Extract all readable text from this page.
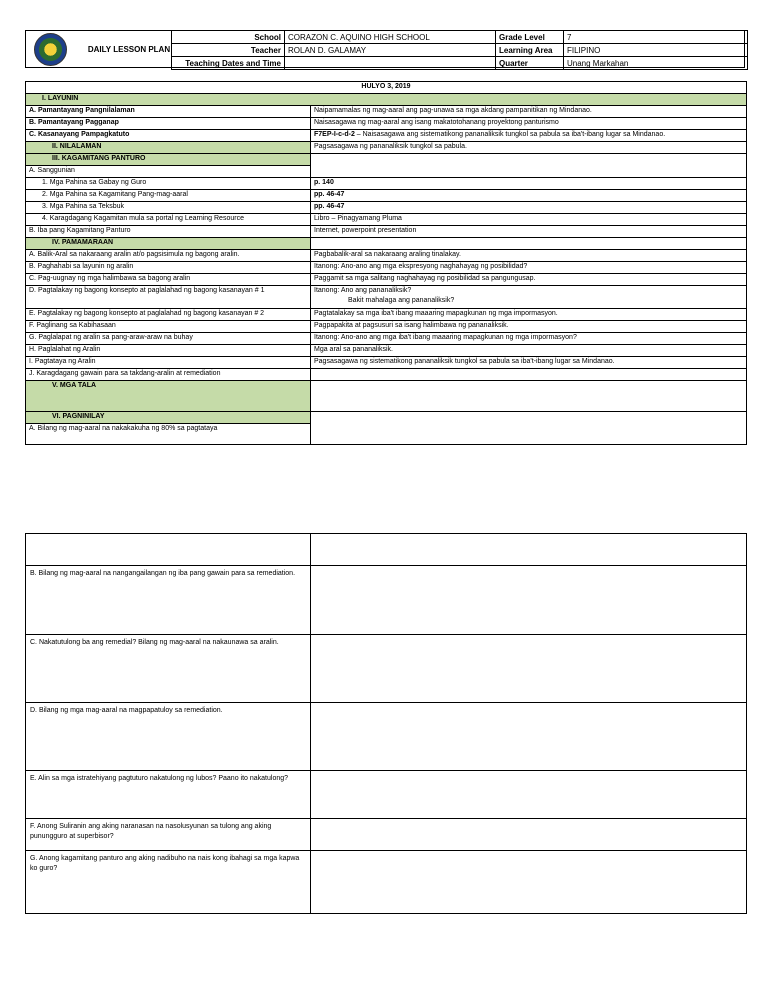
DAILY LESSON PLAN
School	CORAZON C. AQUINO HIGH SCHOOL	Grade Level	7
Teacher	ROLAN D. GALAMAY	Learning Area	FILIPINO
Teaching Dates and Time		Quarter	Unang Markahan
HULYO 3, 2019	
I. LAYUNIN	
A. Pamantayang Pangnilalaman	Naipamamalas ng mag-aaral ang pag-unawa sa mga akdang pampanitikan ng Mindanao.
B. Pamantayang Pagganap	Naisasagawa ng mag-aaral ang isang makatotohanang proyektong panturismo
C. Kasanayang Pampagkatuto	F7EP-I-c-d-2 – Naisasagawa ang sistematikong pananaliksik tungkol sa pabula sa iba't-ibang lugar sa Mindanao.
II. NILALAMAN	Pagsasagawa ng pananaliksik tungkol sa pabula.
III. KAGAMITANG PANTURO	
A. Sanggunian	
1. Mga Pahina sa Gabay ng Guro	p. 140
2. Mga Pahina sa Kagamitang Pang-mag-aaral	pp. 46-47
3. Mga Pahina sa Teksbuk	pp. 46-47
4. Karagdagang Kagamitan mula sa portal ng Learning Resource	Libro – Pinagyamang Pluma
B. Iba pang Kagamitang Panturo	Internet, powerpoint presentation
IV. PAMAMARAAN	
A. Balik-Aral sa nakaraang aralin at/o pagsisimula ng bagong aralin.	Pagbabalik-aral sa nakaraang araling tinalakay.
B. Paghahabi sa layunin ng aralin	Itanong: Ano-ano ang mga ekspresyong naghahayag ng posibilidad?
C. Pag-uugnay ng mga halimbawa sa bagong aralin	Paggamit sa mga salitang naghahayag ng posibilidad sa pangungusap.
D. Pagtalakay ng bagong konsepto at paglalahad ng bagong kasanayan # 1	Itanong: Ano ang pananaliksik?
Bakit mahalaga ang pananaliksik?

E. Pagtalakay ng bagong konsepto at paglalahad ng bagong kasanayan # 2	Pagtatalakay sa mga iba't ibang maaaring mapagkunan ng mga impormasyon.
F. Paglinang sa Kabihasaan	Pagpapakita at pagsusuri sa isang halimbawa ng pananaliksik.
G. Paglalapat ng aralin sa pang-araw-araw na buhay	Itanong: Ano-ano ang mga iba't ibang maaaring mapagkunan ng mga impormasyon?
H. Paglalahat ng Aralin	Mga aral sa pananaliksik.
I. Pagtataya ng Aralin	Pagsasagawa ng sistematikong pananaliksik tungkol sa pabula sa iba't-ibang lugar sa Mindanao.
J. Karagdagang gawain para sa takdang-aralin at remediation	
V. MGA TALA	
VI. PAGNINILAY	
A. Bilang ng mag-aaral na nakakakuha ng 80% sa pagtataya	

B. Bilang ng mag-aaral na nangangailangan ng iba pang gawain para sa remediation.	
C. Nakatutulong ba ang remedial? Bilang ng mag-aaral na nakaunawa sa aralin.	
D. Bilang ng mga mag-aaral na magpapatuloy sa remediation.	
E. Alin sa mga istratehiyang pagtuturo nakatulong ng lubos? Paano ito nakatulong?	
F. Anong Suliranin ang aking naranasan na nasolusyunan sa tulong ang aking punungguro at superbisor?	
G. Anong kagamitang panturo ang aking nadibuho na nais kong ibahagi sa mga kapwa ko guro?	
